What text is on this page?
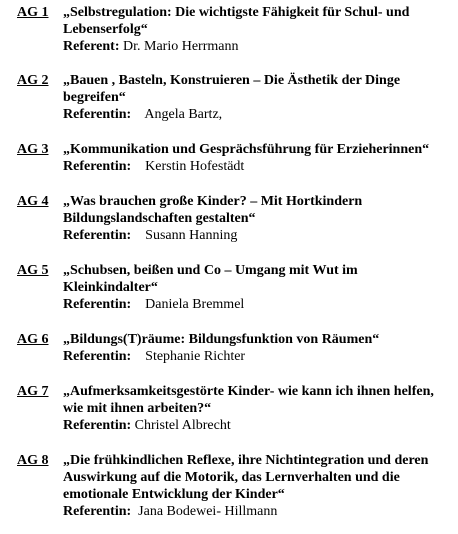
AG 1 „Selbstregulation: Die wichtigste Fähigkeit für Schul- und Lebenserfolg“
Referent: Dr. Mario Herrmann
AG 2 „Bauen , Basteln, Konstruieren – Die Ästhetik der Dinge begreifen“
Referentin: Angela Bartz,
AG 3 „Kommunikation und Gesprächsführung für Erzieherinnen“
Referentin: Kerstin Hofestädt
AG 4 „Was brauchen große Kinder? – Mit Hortkindern Bildungslandschaften gestalten“
Referentin: Susann Hanning
AG 5 „Schubsen, beißen und Co – Umgang mit Wut im Kleinkindalter“
Referentin: Daniela Bremmel
AG 6 „Bildungs(T)räume: Bildungsfunktion von Räumen“
Referentin: Stephanie Richter
AG 7 „Aufmerksamkeitsgestörte Kinder- wie kann ich ihnen helfen, wie mit ihnen arbeiten?“
Referentin: Christel Albrecht
AG 8 „Die frühkindlichen Reflexe, ihre Nichtintegration und deren Auswirkung auf die Motorik, das Lernverhalten und die emotionale Entwicklung der Kinder“
Referentin: Jana Bodewei- Hillmann
